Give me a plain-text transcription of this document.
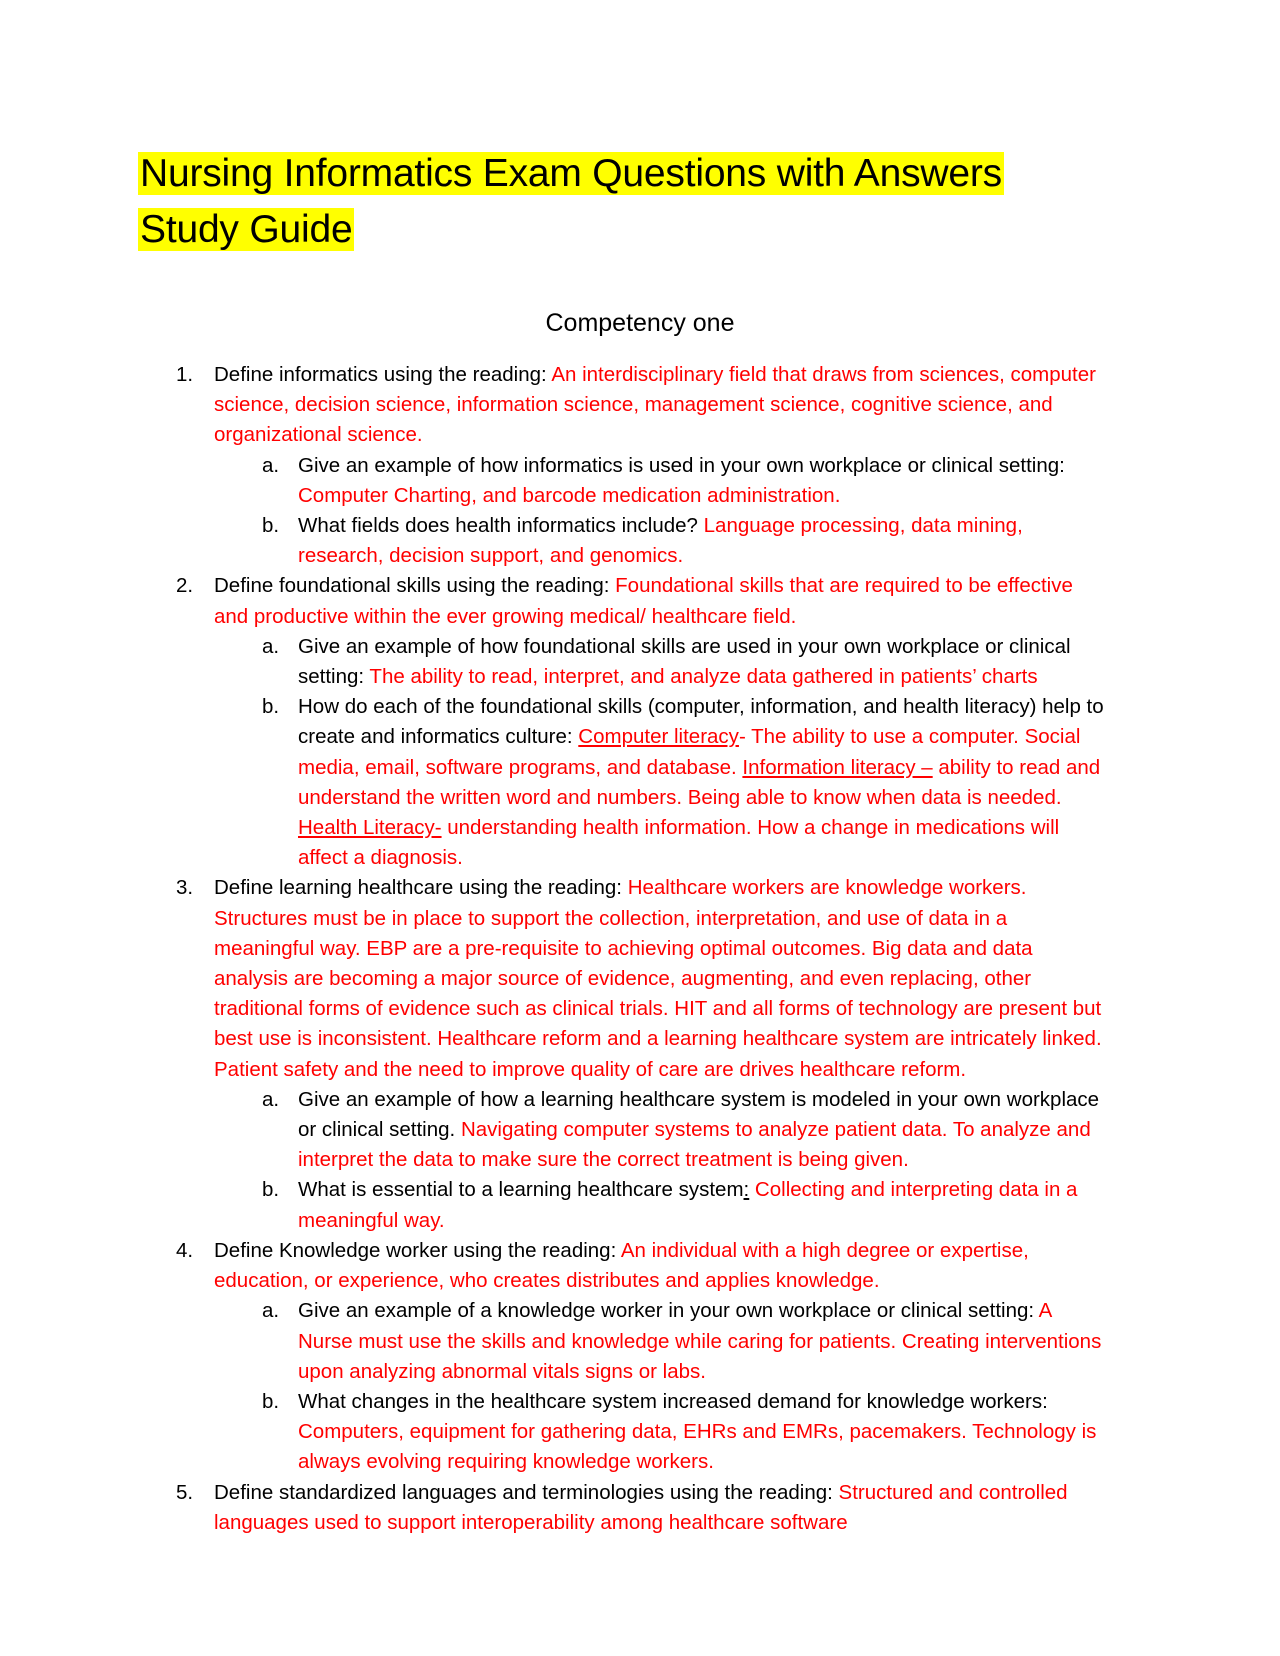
Nursing Informatics Exam Questions with Answers
Study Guide
Competency one
1.	Define informatics using the reading: An interdisciplinary field that draws from sciences, computer science, decision science, information science, management science, cognitive science, and organizational science.
a. Give an example of how informatics is used in your own workplace or clinical setting: Computer Charting, and barcode medication administration.
b. What fields does health informatics include? Language processing, data mining, research, decision support, and genomics.
2.	Define foundational skills using the reading: Foundational skills that are required to be effective and productive within the ever growing medical/ healthcare field.
a. Give an example of how foundational skills are used in your own workplace or clinical setting: The ability to read, interpret, and analyze data gathered in patients’ charts
b. How do each of the foundational skills (computer, information, and health literacy) help to create and informatics culture: Computer literacy- The ability to use a computer. Social media, email, software programs, and database. Information literacy – ability to read and understand the written word and numbers. Being able to know when data is needed. Health Literacy- understanding health information. How a change in medications will affect a diagnosis.
3.	Define learning healthcare using the reading: Healthcare workers are knowledge workers. Structures must be in place to support the collection, interpretation, and use of data in a meaningful way. EBP are a pre-requisite to achieving optimal outcomes. Big data and data analysis are becoming a major source of evidence, augmenting, and even replacing, other traditional forms of evidence such as clinical trials. HIT and all forms of technology are present but best use is inconsistent. Healthcare reform and a learning healthcare system are intricately linked. Patient safety and the need to improve quality of care are drives healthcare reform.
a. Give an example of how a learning healthcare system is modeled in your own workplace or clinical setting. Navigating computer systems to analyze patient data. To analyze and interpret the data to make sure the correct treatment is being given.
b. What is essential to a learning healthcare system: Collecting and interpreting data in a meaningful way.
4.	Define Knowledge worker using the reading: An individual with a high degree or expertise, education, or experience, who creates distributes and applies knowledge.
a. Give an example of a knowledge worker in your own workplace or clinical setting: A Nurse must use the skills and knowledge while caring for patients. Creating interventions upon analyzing abnormal vitals signs or labs.
b. What changes in the healthcare system increased demand for knowledge workers: Computers, equipment for gathering data, EHRs and EMRs, pacemakers. Technology is always evolving requiring knowledge workers.
5.	Define standardized languages and terminologies using the reading: Structured and controlled languages used to support interoperability among healthcare software
